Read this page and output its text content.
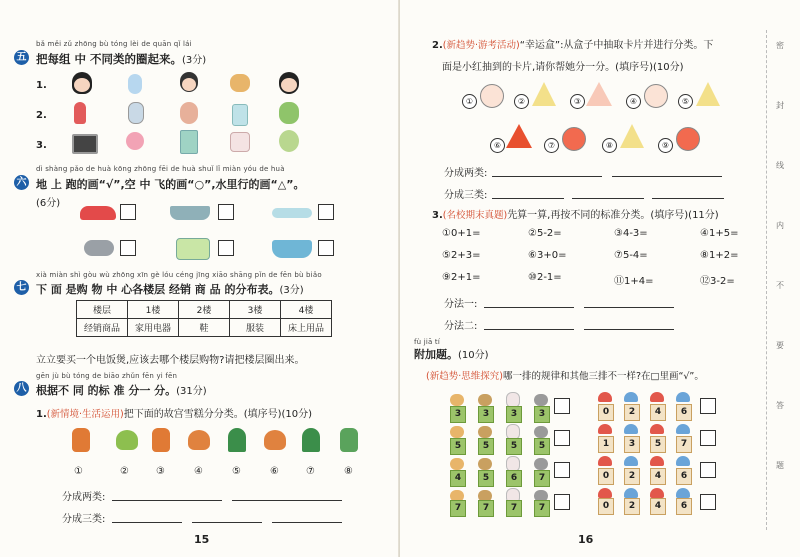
bǎ měi zǔ zhōng bù tóng lèi de quān qǐ lái
五 把每组 中 不同类的圈起来。(3分)
1.
2.
3.
dì shàng pǎo de huà kōng zhōng fēi de huà shuǐ lǐ miàn yóu de huà
六 地 上 跑的画“√”,空 中 飞的画“○”,水里行的画“△”。
(6分)
xià miàn shì gòu wù zhōng xīn gè lóu céng jīng xiāo shāng pǐn de fēn bù biǎo
七 下 面 是购 物 中 心各楼层 经销 商 品 的分布表。(3分)
楼层	1楼	2楼	3楼	4楼
经销商品	家用电器	鞋	服装	床上用品
立立要买一个电饭煲,应该去哪个楼层购物?请把楼层圈出来。
gēn jù bù tóng de biāo zhǔn fēn yi fēn
八 根据不 同 的标 准 分一 分。(31分)
1.(新情境·生活运用)把下面的故宫雪糕分分类。(填序号)(10分)
①	②	③	④	⑤	⑥	⑦	⑧
分成两类:
分成三类:
15
2.(新趋势·游考活动)“幸运盒”:从盒子中抽取卡片并进行分类。下
面是小红抽到的卡片,请你帮她分一分。(填序号)(10分)
①	②	③	④	⑤
⑥	⑦	⑧	⑨
分成两类:
分成三类:
3.(名校期末真题)先算一算,再按不同的标准分类。(填序号)(11分)
①0+1=	②5-2=	③4-3=	④1+5=
⑤2+3=	⑥3+0=	⑦5-4=	⑧1+2=
⑨2+1=	⑩2-1=	⑪1+4=	⑫3-2=
分法一:
分法二:
fù jiā tí
附加题。(10分)
(新趋势·思维探究)哪一排的规律和其他三排不一样?在□里画“√”。
3	3	3	3
5	5	5	5
4	5	6	7
7	7	7	7
0	2	4	6
1	3	5	7
0	2	4	6
0	2	4	6
16
密
封
线
内
不
要
答
题
